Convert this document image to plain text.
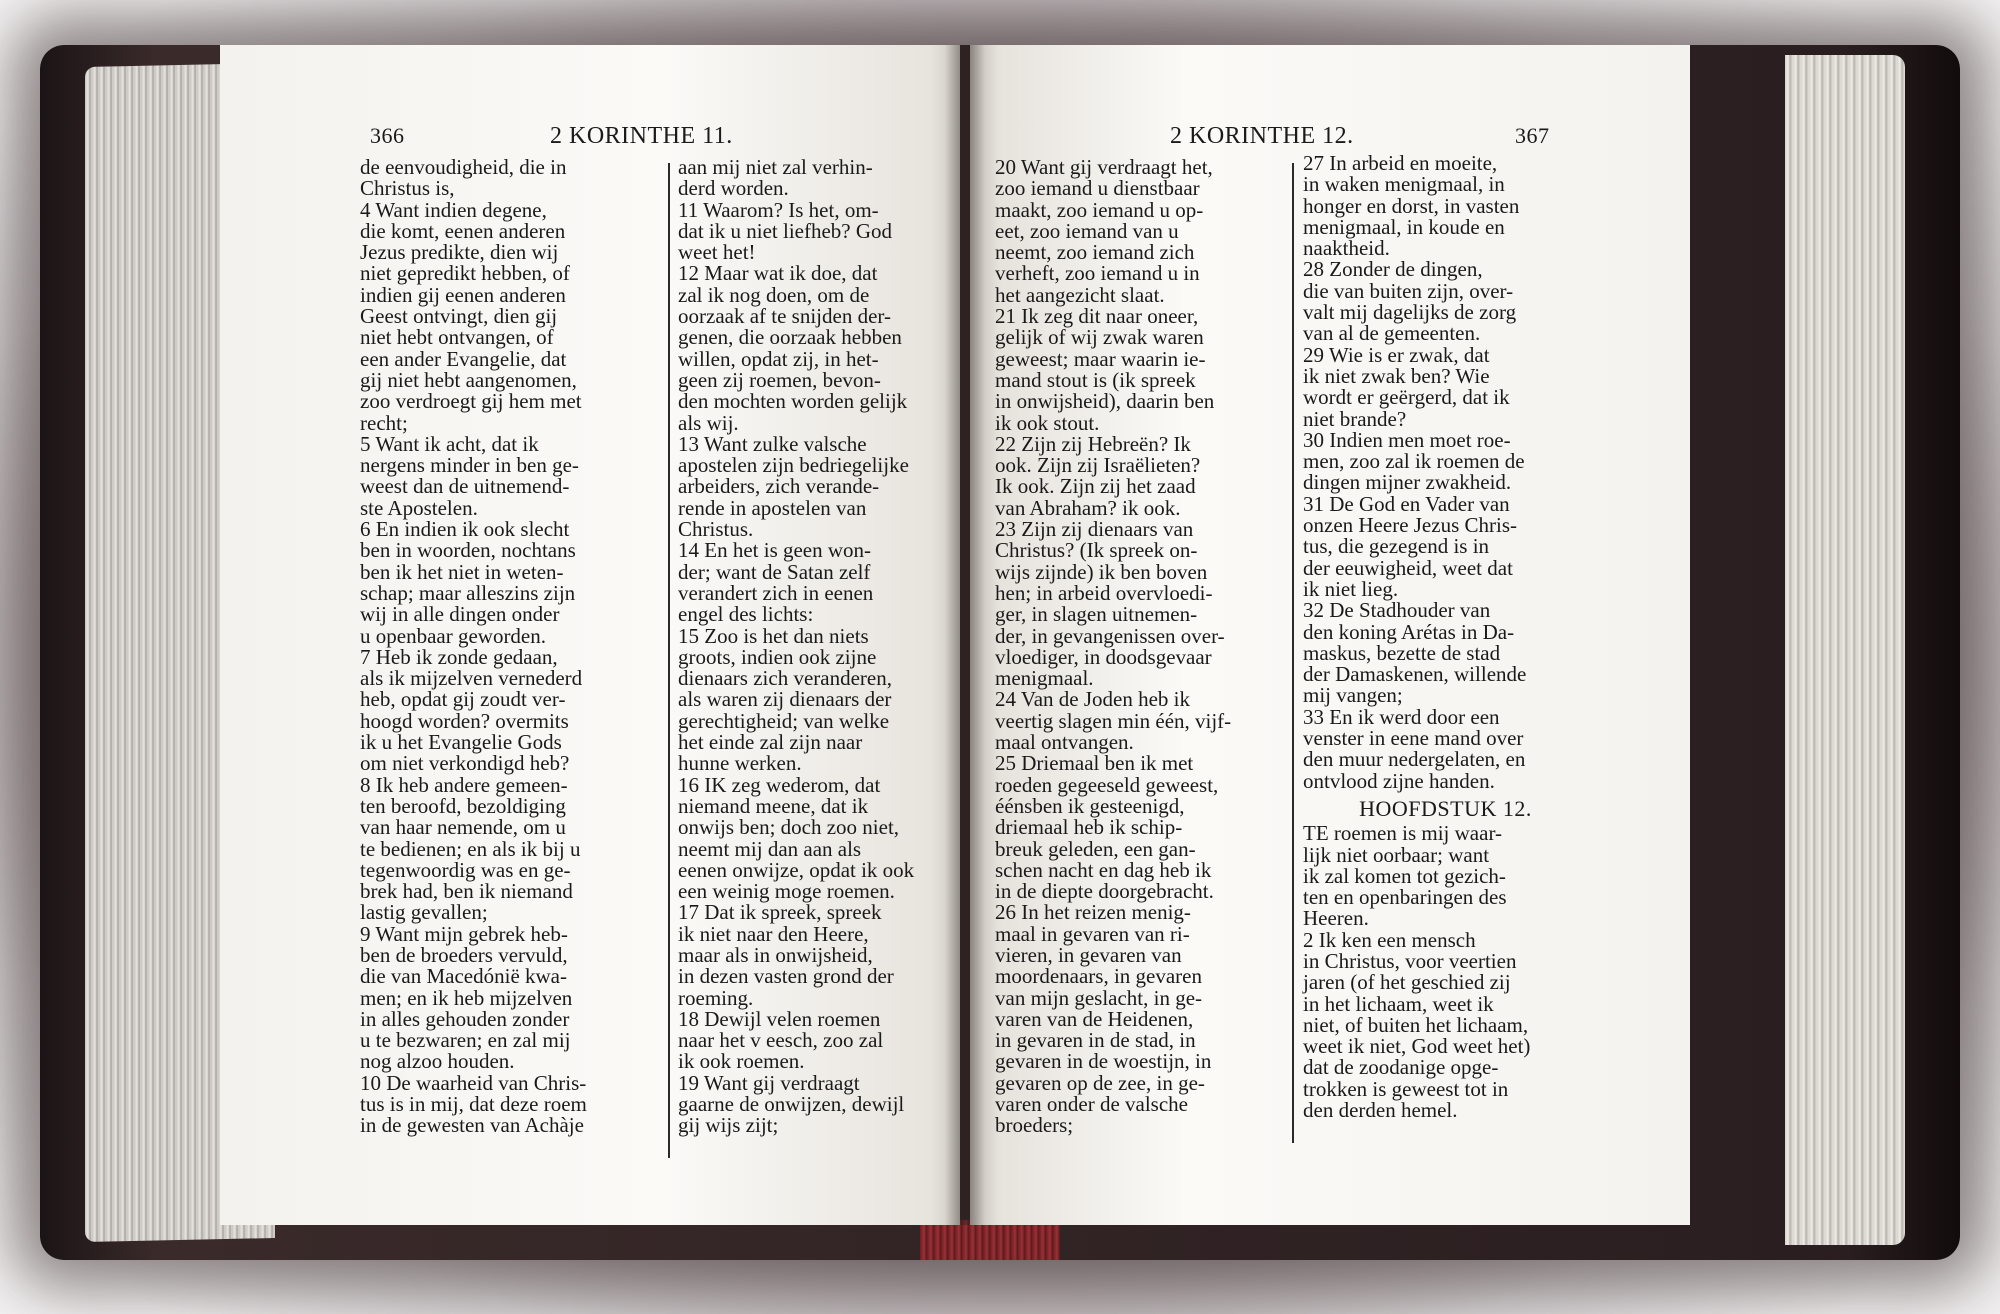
366	2 KORINTHE 11.

de eenvoudigheid, die in

Christus is,

4 Want indien degene,

die komt, eenen anderen

Jezus predikte, dien wij

niet gepredikt hebben, of

indien gij eenen anderen

Geest ontvingt, dien gij

niet hebt ontvangen, of

een ander Evangelie, dat

gij niet hebt aangenomen,

zoo verdroegt gij hem met

recht;

5 Want ik acht, dat ik

nergens minder in ben ge-

weest dan de uitnemend-

ste Apostelen.

6 En indien ik ook slecht

ben in woorden, nochtans

ben ik het niet in weten-

schap; maar alleszins zijn

wij in alle dingen onder

u openbaar geworden.

7 Heb ik zonde gedaan,

als ik mijzelven vernederd

heb, opdat gij zoudt ver-

hoogd worden? overmits

ik u het Evangelie Gods

om niet verkondigd heb?

8 Ik heb andere gemeen-

ten beroofd, bezoldiging

van haar nemende, om u

te bedienen; en als ik bij u

tegenwoordig was en ge-

brek had, ben ik niemand

lastig gevallen;

9 Want mijn gebrek heb-

ben de broeders vervuld,

die van Macedónië kwa-

men; en ik heb mijzelven

in alles gehouden zonder

u te bezwaren; en zal mij

nog alzoo houden.

10 De waarheid van Chris-

tus is in mij, dat deze roem

in de gewesten van Achàje

aan mij niet zal verhin-

derd worden.

11 Waarom? Is het, om-

dat ik u niet liefheb? God

weet het!

12 Maar wat ik doe, dat

zal ik nog doen, om de

oorzaak af te snijden der-

genen, die oorzaak hebben

willen, opdat zij, in het-

geen zij roemen, bevon-

den mochten worden gelijk

als wij.

13 Want zulke valsche

apostelen zijn bedriegelijke

arbeiders, zich verande-

rende in apostelen van

Christus.

14 En het is geen won-

der; want de Satan zelf

verandert zich in eenen

engel des lichts:

15 Zoo is het dan niets

groots, indien ook zijne

dienaars zich veranderen,

als waren zij dienaars der

gerechtigheid; van welke

het einde zal zijn naar

hunne werken.

16 IK zeg wederom, dat

niemand meene, dat ik

onwijs ben; doch zoo niet,

neemt mij dan aan als

eenen onwijze, opdat ik ook

een weinig moge roemen.

17 Dat ik spreek, spreek

ik niet naar den Heere,

maar als in onwijsheid,

in dezen vasten grond der

roeming.

18 Dewijl velen roemen

naar het v eesch, zoo zal

ik ook roemen.

19 Want gij verdraagt

gaarne de onwijzen, dewijl

gij wijs zijt;

2 KORINTHE 12.	367

20 Want gij verdraagt het,

zoo iemand u dienstbaar

maakt, zoo iemand u op-

eet, zoo iemand van u

neemt, zoo iemand zich

verheft, zoo iemand u in

het aangezicht slaat.

21 Ik zeg dit naar oneer,

gelijk of wij zwak waren

geweest; maar waarin ie-

mand stout is (ik spreek

in onwijsheid), daarin ben

ik ook stout.

22 Zijn zij Hebreën? Ik

ook. Zijn zij Israëlieten?

Ik ook. Zijn zij het zaad

van Abraham? ik ook.

23 Zijn zij dienaars van

Christus? (Ik spreek on-

wijs zijnde) ik ben boven

hen; in arbeid overvloedi-

ger, in slagen uitnemen-

der, in gevangenissen over-

vloediger, in doodsgevaar

menigmaal.

24 Van de Joden heb ik

veertig slagen min één, vijf-

maal ontvangen.

25 Driemaal ben ik met

roeden gegeeseld geweest,

éénsben ik gesteenigd,

driemaal heb ik schip-

breuk geleden, een gan-

schen nacht en dag heb ik

in de diepte doorgebracht.

26 In het reizen menig-

maal in gevaren van ri-

vieren, in gevaren van

moordenaars, in gevaren

van mijn geslacht, in ge-

varen van de Heidenen,

in gevaren in de stad, in

gevaren in de woestijn, in

gevaren op de zee, in ge-

varen onder de valsche

broeders;

27 In arbeid en moeite,

in waken menigmaal, in

honger en dorst, in vasten

menigmaal, in koude en

naaktheid.

28 Zonder de dingen,

die van buiten zijn, over-

valt mij dagelijks de zorg

van al de gemeenten.

29 Wie is er zwak, dat

ik niet zwak ben? Wie

wordt er geërgerd, dat ik

niet brande?

30 Indien men moet roe-

men, zoo zal ik roemen de

dingen mijner zwakheid.

31 De God en Vader van

onzen Heere Jezus Chris-

tus, die gezegend is in

der eeuwigheid, weet dat

ik niet lieg.

32 De Stadhouder van

den koning Arétas in Da-

maskus, bezette de stad

der Damaskenen, willende

mij vangen;

33 En ik werd door een

venster in eene mand over

den muur nedergelaten, en

ontvlood zijne handen.

HOOFDSTUK 12.

TE roemen is mij waar-

lijk niet oorbaar; want

ik zal komen tot gezich-

ten en openbaringen des

Heeren.

2 Ik ken een mensch

in Christus, voor veertien

jaren (of het geschied zij

in het lichaam, weet ik

niet, of buiten het lichaam,

weet ik niet, God weet het)

dat de zoodanige opge-

trokken is geweest tot in

den derden hemel.
